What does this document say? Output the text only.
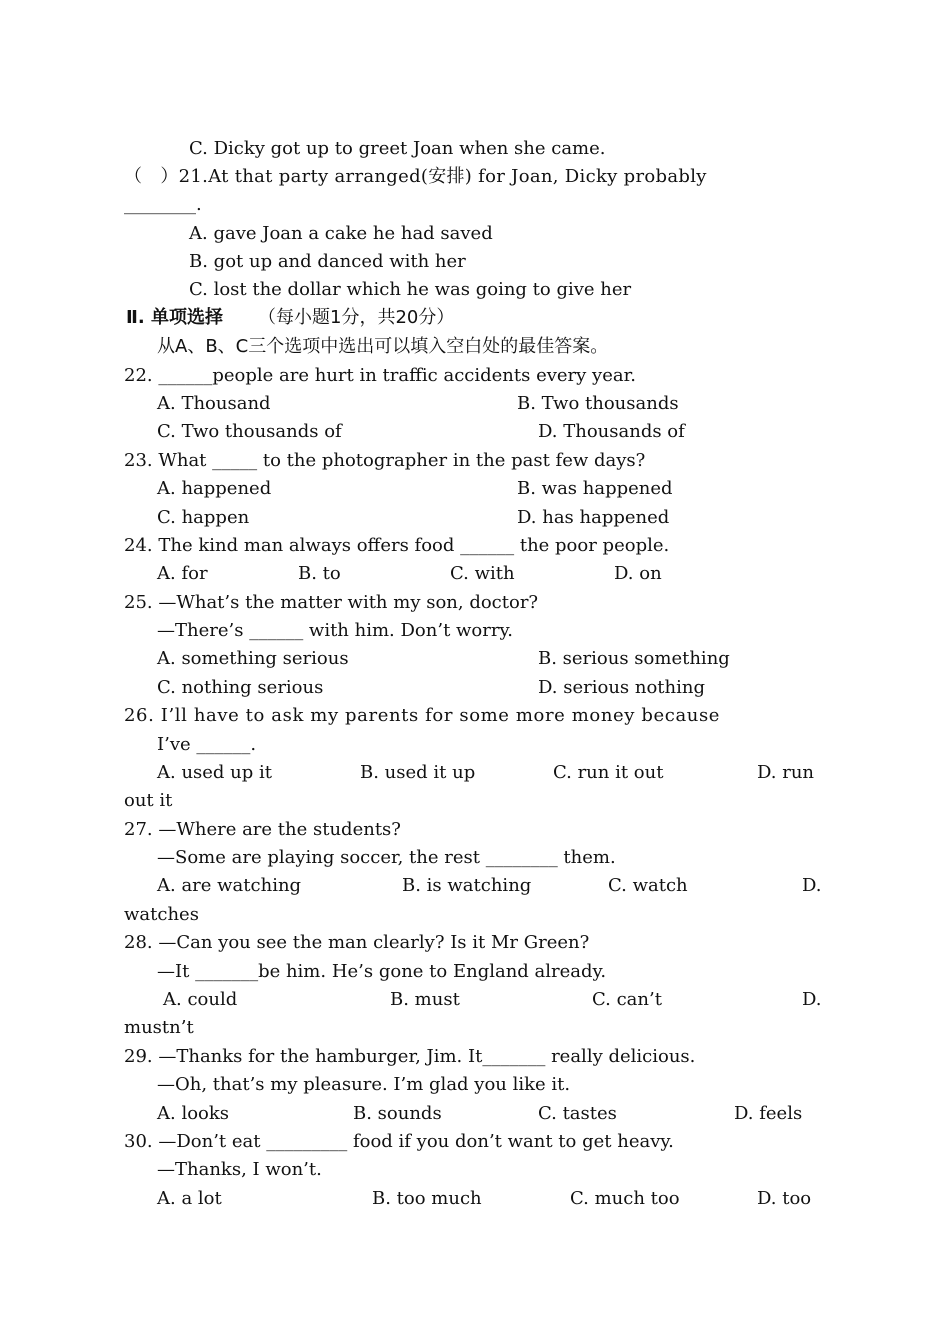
C. Dicky got up to greet Joan when she came.

（   ）21.At that party arranged(安排) for Joan, Dicky probably

________.

A. gave Joan a cake he had saved

B. got up and danced with her

C. lost the dollar which he was going to give her

Ⅱ. 单项选择

（每小题1分，共20分）

从A、B、C三个选项中选出可以填入空白处的最佳答案。

22. ______people are hurt in traffic accidents every year.

A. Thousand

	B. Two thousands

C. Two thousands of

	D. Thousands of

23. What _____ to the photographer in the past few days?

A. happened

	B. was happened

C. happen

	D. has happened

24. The kind man always offers food ______ the poor people.

A. for

	B. to

	C. with

	D. on

25. —What’s the matter with my son, doctor?

—There’s ______ with him. Don’t worry.

A. something serious

	B. serious something

C. nothing serious

	D. serious nothing

26. I’ll have to ask my parents for some more money because

I’ve ______.

A. used up it

	B. used it up

	C. run it out

	D. run

out it

27. —Where are the students?

—Some are playing soccer, the rest ________ them.

A. are watching

	B. is watching

	C. watch

	D.

watches

28. —Can you see the man clearly? Is it Mr Green?

—It _______be him. He’s gone to England already.

A. could

	B. must

	C. can’t

	D.

mustn’t

29. —Thanks for the hamburger, Jim. It_______ really delicious.

—Oh, that’s my pleasure. I’m glad you like it.

A. looks

	B. sounds

	C. tastes

	D. feels

30. —Don’t eat _________ food if you don’t want to get heavy.

—Thanks, I won’t.

A. a lot

	B. too much

	C. much too

	D. too
